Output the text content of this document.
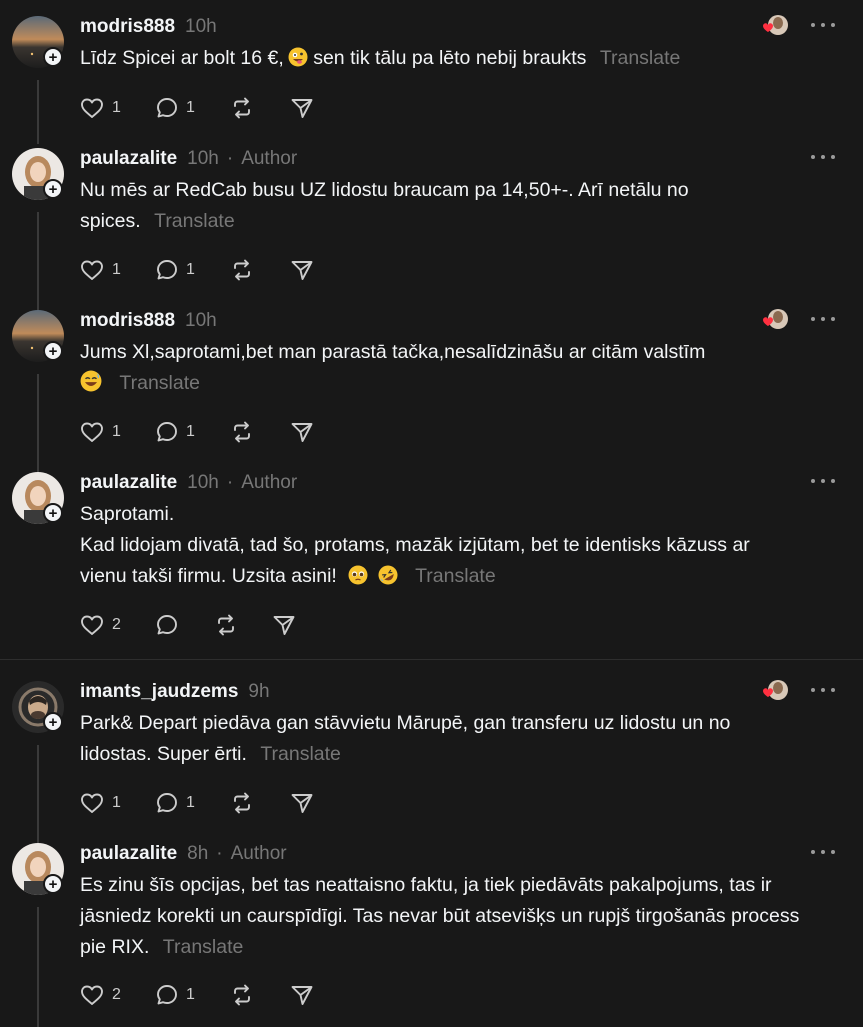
+
modris888 10h
Līdz Spicei ar bolt 16 €, sen tik tālu pa lēto nebij braukts Translate
1	1
+
paulazalite 10h · Author
Nu mēs ar RedCab busu UZ lidostu braucam pa 14,50+-. Arī netālu no
spices. Translate
1	1
+
modris888 10h
Jums Xl,saprotami,bet man parastā tačka,nesalīdzināšu ar citām valstīm
Translate
1	1
+
paulazalite 10h · Author
Saprotami.
Kad lidojam divatā, tad šo, protams, mazāk izjūtam, bet te identisks kāzuss ar
vienu takši firmu. Uzsita asini!	Translate
2
+
imants_jaudzems 9h
Park& Depart piedāva gan stāvvietu Mārupē, gan transferu uz lidostu un no
lidostas. Super ērti. Translate
1	1
+
paulazalite 8h · Author
Es zinu šīs opcijas, bet tas neattaisno faktu, ja tiek piedāvāts pakalpojums, tas ir
jāsniedz korekti un caurspīdīgi. Tas nevar būt atsevišķs un rupjš tirgošanās process
pie RIX. Translate
2	1
